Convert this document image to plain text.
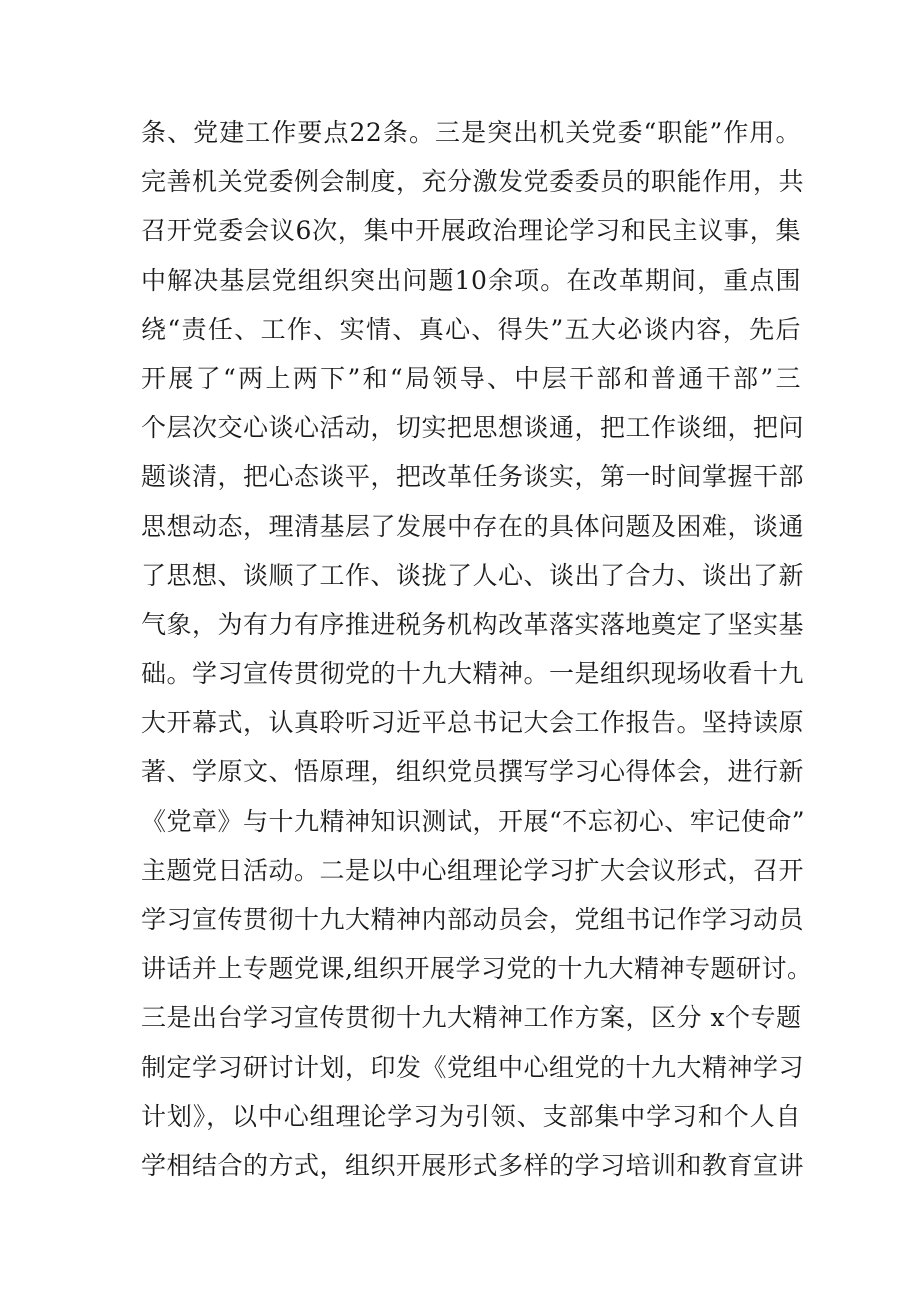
条、党建工作要点22条。三是突出机关党委“职能”作用。
完善机关党委例会制度，充分激发党委委员的职能作用，共
召开党委会议6次，集中开展政治理论学习和民主议事，集
中解决基层党组织突出问题10余项。在改革期间，重点围
绕“责任、工作、实情、真心、得失”五大必谈内容，先后
开展了“两上两下”和“局领导、中层干部和普通干部”三
个层次交心谈心活动，切实把思想谈通，把工作谈细，把问
题谈清，把心态谈平，把改革任务谈实，第一时间掌握干部
思想动态，理清基层了发展中存在的具体问题及困难，谈通
了思想、谈顺了工作、谈拢了人心、谈出了合力、谈出了新
气象，为有力有序推进税务机构改革落实落地奠定了坚实基
础。学习宣传贯彻党的十九大精神。一是组织现场收看十九
大开幕式，认真聆听习近平总书记大会工作报告。坚持读原
著、学原文、悟原理，组织党员撰写学习心得体会，进行新
《党章》与十九精神知识测试，开展“不忘初心、牢记使命”
主题党日活动。二是以中心组理论学习扩大会议形式，召开
学习宣传贯彻十九大精神内部动员会，党组书记作学习动员
讲话并上专题党课,组织开展学习党的十九大精神专题研讨。
三是出台学习宣传贯彻十九大精神工作方案，区分 x个专题
制定学习研讨计划，印发《党组中心组党的十九大精神学习
计划》，以中心组理论学习为引领、支部集中学习和个人自
学相结合的方式，组织开展形式多样的学习培训和教育宣讲
